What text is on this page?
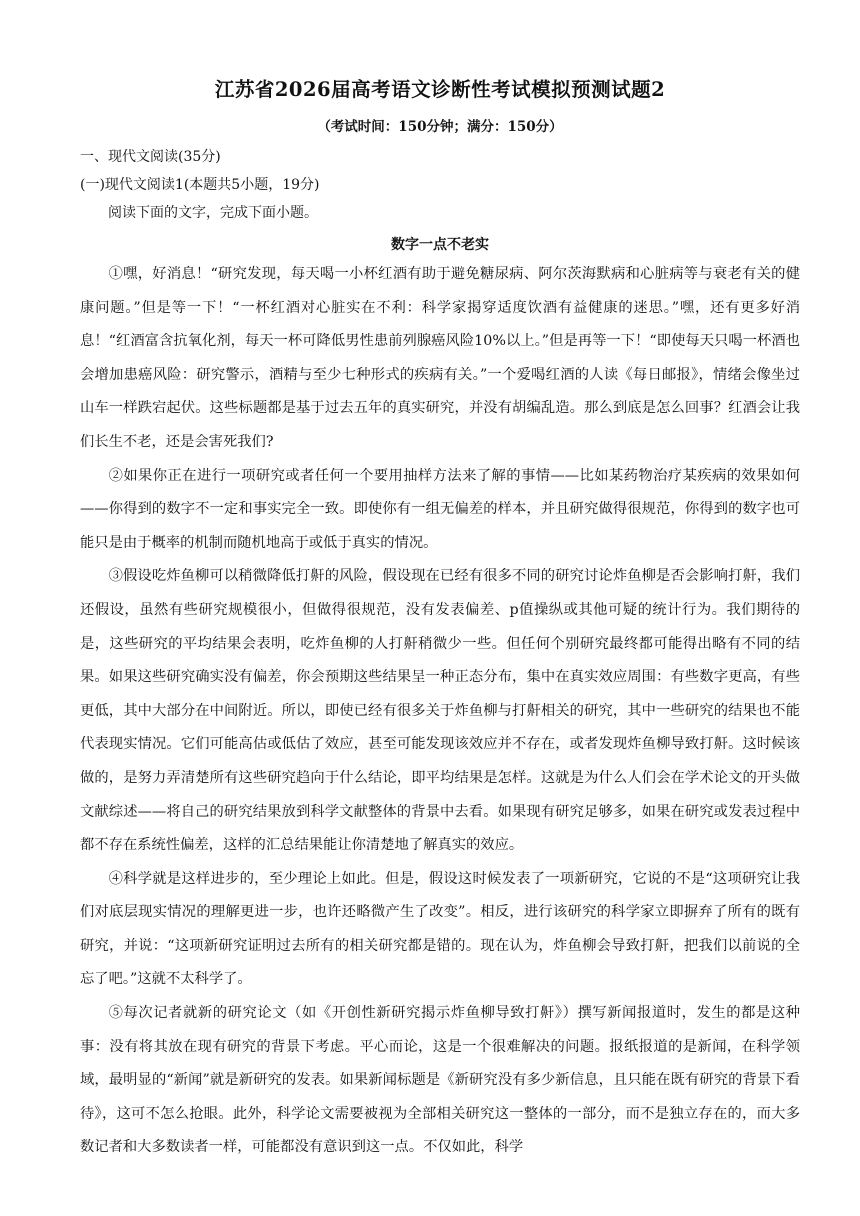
江苏省2026届高考语文诊断性考试模拟预测试题2

（考试时间：150分钟；满分：150分）

一、现代文阅读(35分)

(一)现代文阅读1(本题共5小题，19分)

阅读下面的文字，完成下面小题。

数字一点不老实

①嘿，好消息！“研究发现，每天喝一小杯红酒有助于避免糖尿病、阿尔茨海默病和心脏病等与衰老有关的健康问题。”但是等一下！“一杯红酒对心脏实在不利：科学家揭穿适度饮酒有益健康的迷思。”嘿，还有更多好消息！“红酒富含抗氧化剂，每天一杯可降低男性患前列腺癌风险10%以上。”但是再等一下！“即使每天只喝一杯酒也会增加患癌风险：研究警示，酒精与至少七种形式的疾病有关。”一个爱喝红酒的人读《每日邮报》，情绪会像坐过山车一样跌宕起伏。这些标题都是基于过去五年的真实研究，并没有胡编乱造。那么到底是怎么回事？红酒会让我们长生不老，还是会害死我们?

②如果你正在进行一项研究或者任何一个要用抽样方法来了解的事情——比如某药物治疗某疾病的效果如何——你得到的数字不一定和事实完全一致。即使你有一组无偏差的样本，并且研究做得很规范，你得到的数字也可能只是由于概率的机制而随机地高于或低于真实的情况。

③假设吃炸鱼柳可以稍微降低打鼾的风险，假设现在已经有很多不同的研究讨论炸鱼柳是否会影响打鼾，我们还假设，虽然有些研究规模很小，但做得很规范，没有发表偏差、p值操纵或其他可疑的统计行为。我们期待的是，这些研究的平均结果会表明，吃炸鱼柳的人打鼾稍微少一些。但任何个别研究最终都可能得出略有不同的结果。如果这些研究确实没有偏差，你会预期这些结果呈一种正态分布，集中在真实效应周围：有些数字更高，有些更低，其中大部分在中间附近。所以，即使已经有很多关于炸鱼柳与打鼾相关的研究，其中一些研究的结果也不能代表现实情况。它们可能高估或低估了效应，甚至可能发现该效应并不存在，或者发现炸鱼柳导致打鼾。这时候该做的，是努力弄清楚所有这些研究趋向于什么结论，即平均结果是怎样。这就是为什么人们会在学术论文的开头做文献综述——将自己的研究结果放到科学文献整体的背景中去看。如果现有研究足够多，如果在研究或发表过程中都不存在系统性偏差，这样的汇总结果能让你清楚地了解真实的效应。

④科学就是这样进步的，至少理论上如此。但是，假设这时候发表了一项新研究，它说的不是“这项研究让我们对底层现实情况的理解更进一步，也许还略微产生了改变”。相反，进行该研究的科学家立即摒弃了所有的既有研究，并说：“这项新研究证明过去所有的相关研究都是错的。现在认为，炸鱼柳会导致打鼾，把我们以前说的全忘了吧。”这就不太科学了。

⑤每次记者就新的研究论文（如《开创性新研究揭示炸鱼柳导致打鼾》）撰写新闻报道时，发生的都是这种事：没有将其放在现有研究的背景下考虑。平心而论，这是一个很难解决的问题。报纸报道的是新闻，在科学领域，最明显的“新闻”就是新研究的发表。如果新闻标题是《新研究没有多少新信息，且只能在既有研究的背景下看待》，这可不怎么抢眼。此外，科学论文需要被视为全部相关研究这一整体的一部分，而不是独立存在的，而大多数记者和大多数读者一样，可能都没有意识到这一点。不仅如此，科学
